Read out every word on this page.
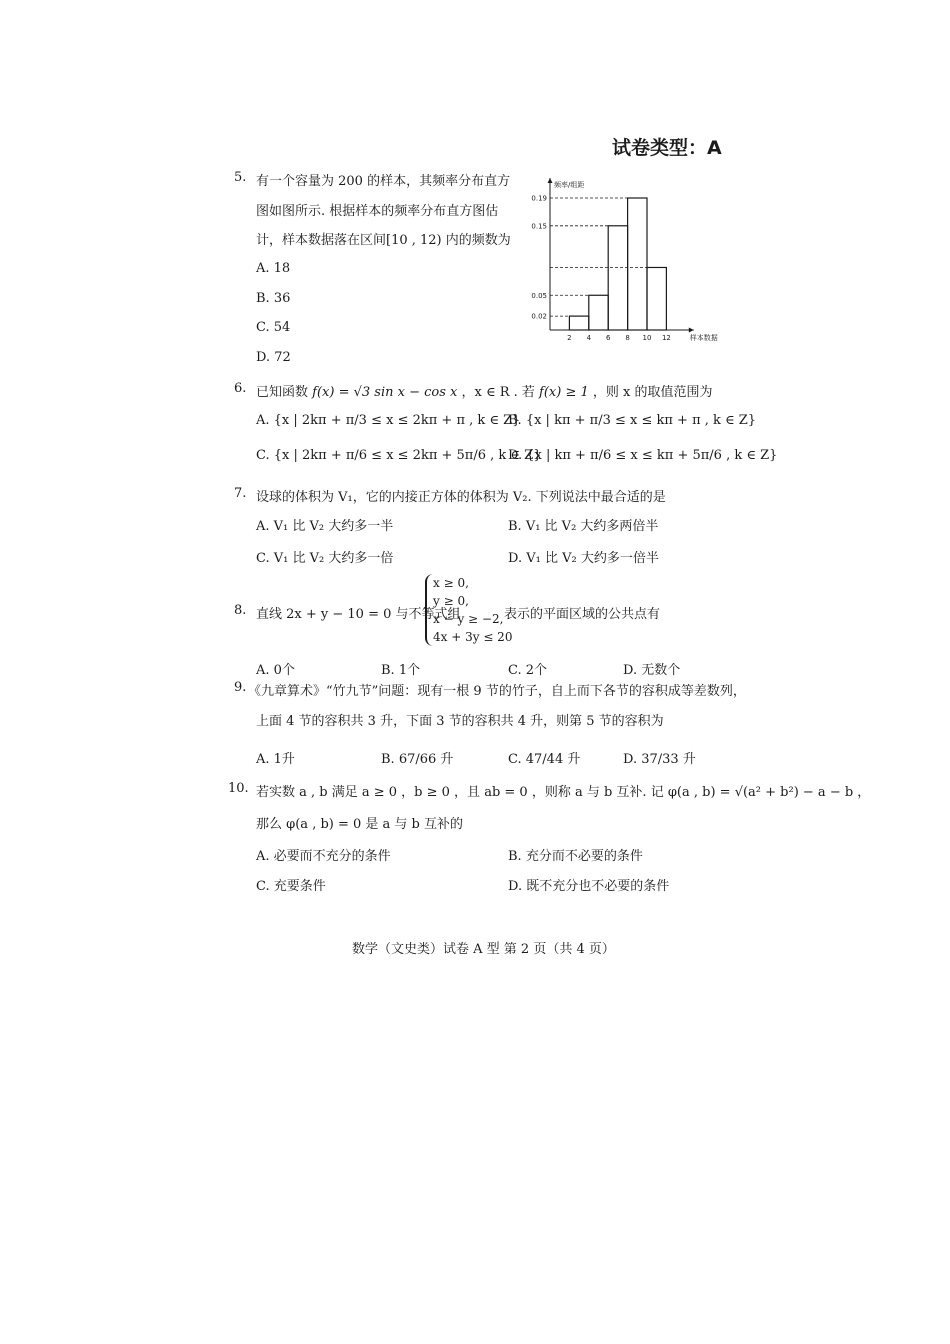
试卷类型：A
5. 有一个容量为 200 的样本，其频率分布直方
图如图所示. 根据样本的频率分布直方图估
计，样本数据落在区间[10 , 12) 内的频数为
A. 18
B. 36
C. 54
D. 72
0.02
0.05
0.15
0.19
2 4 6 8 10 12
频率/组距
样本数据
6. 已知函数 f(x) = √3 sin x − cos x ，x ∈ R . 若 f(x) ≥ 1 ，则 x 的取值范围为
A. {x | 2kπ + π/3 ≤ x ≤ 2kπ + π , k ∈ Z}
B. {x | kπ + π/3 ≤ x ≤ kπ + π , k ∈ Z}
C. {x | 2kπ + π/6 ≤ x ≤ 2kπ + 5π/6 , k ∈ Z}
D. {x | kπ + π/6 ≤ x ≤ kπ + 5π/6 , k ∈ Z}
7. 设球的体积为 V₁，它的内接正方体的体积为 V₂. 下列说法中最合适的是
A. V₁ 比 V₂ 大约多一半	B. V₁ 比 V₂ 大约多两倍半
C. V₁ 比 V₂ 大约多一倍	D. V₁ 比 V₂ 大约多一倍半
8. 直线 2x + y − 10 = 0 与不等式组
x ≥ 0,
y ≥ 0,
x − y ≥ −2,
4x + 3y ≤ 20
表示的平面区域的公共点有
A. 0个	B. 1个	C. 2个	D. 无数个
9. 《九章算术》“竹九节”问题：现有一根 9 节的竹子，自上而下各节的容积成等差数列，
上面 4 节的容积共 3 升，下面 3 节的容积共 4 升，则第 5 节的容积为
A. 1升	B. 67/66 升	C. 47/44 升	D. 37/33 升
10. 若实数 a , b 满足 a ≥ 0 ，b ≥ 0 ，且 ab = 0 ，则称 a 与 b 互补. 记 φ(a , b) = √(a² + b²) − a − b ，
那么 φ(a , b) = 0 是 a 与 b 互补的
A. 必要而不充分的条件	B. 充分而不必要的条件
C. 充要条件	D. 既不充分也不必要的条件
数学（文史类）试卷 A 型 第 2 页（共 4 页）
